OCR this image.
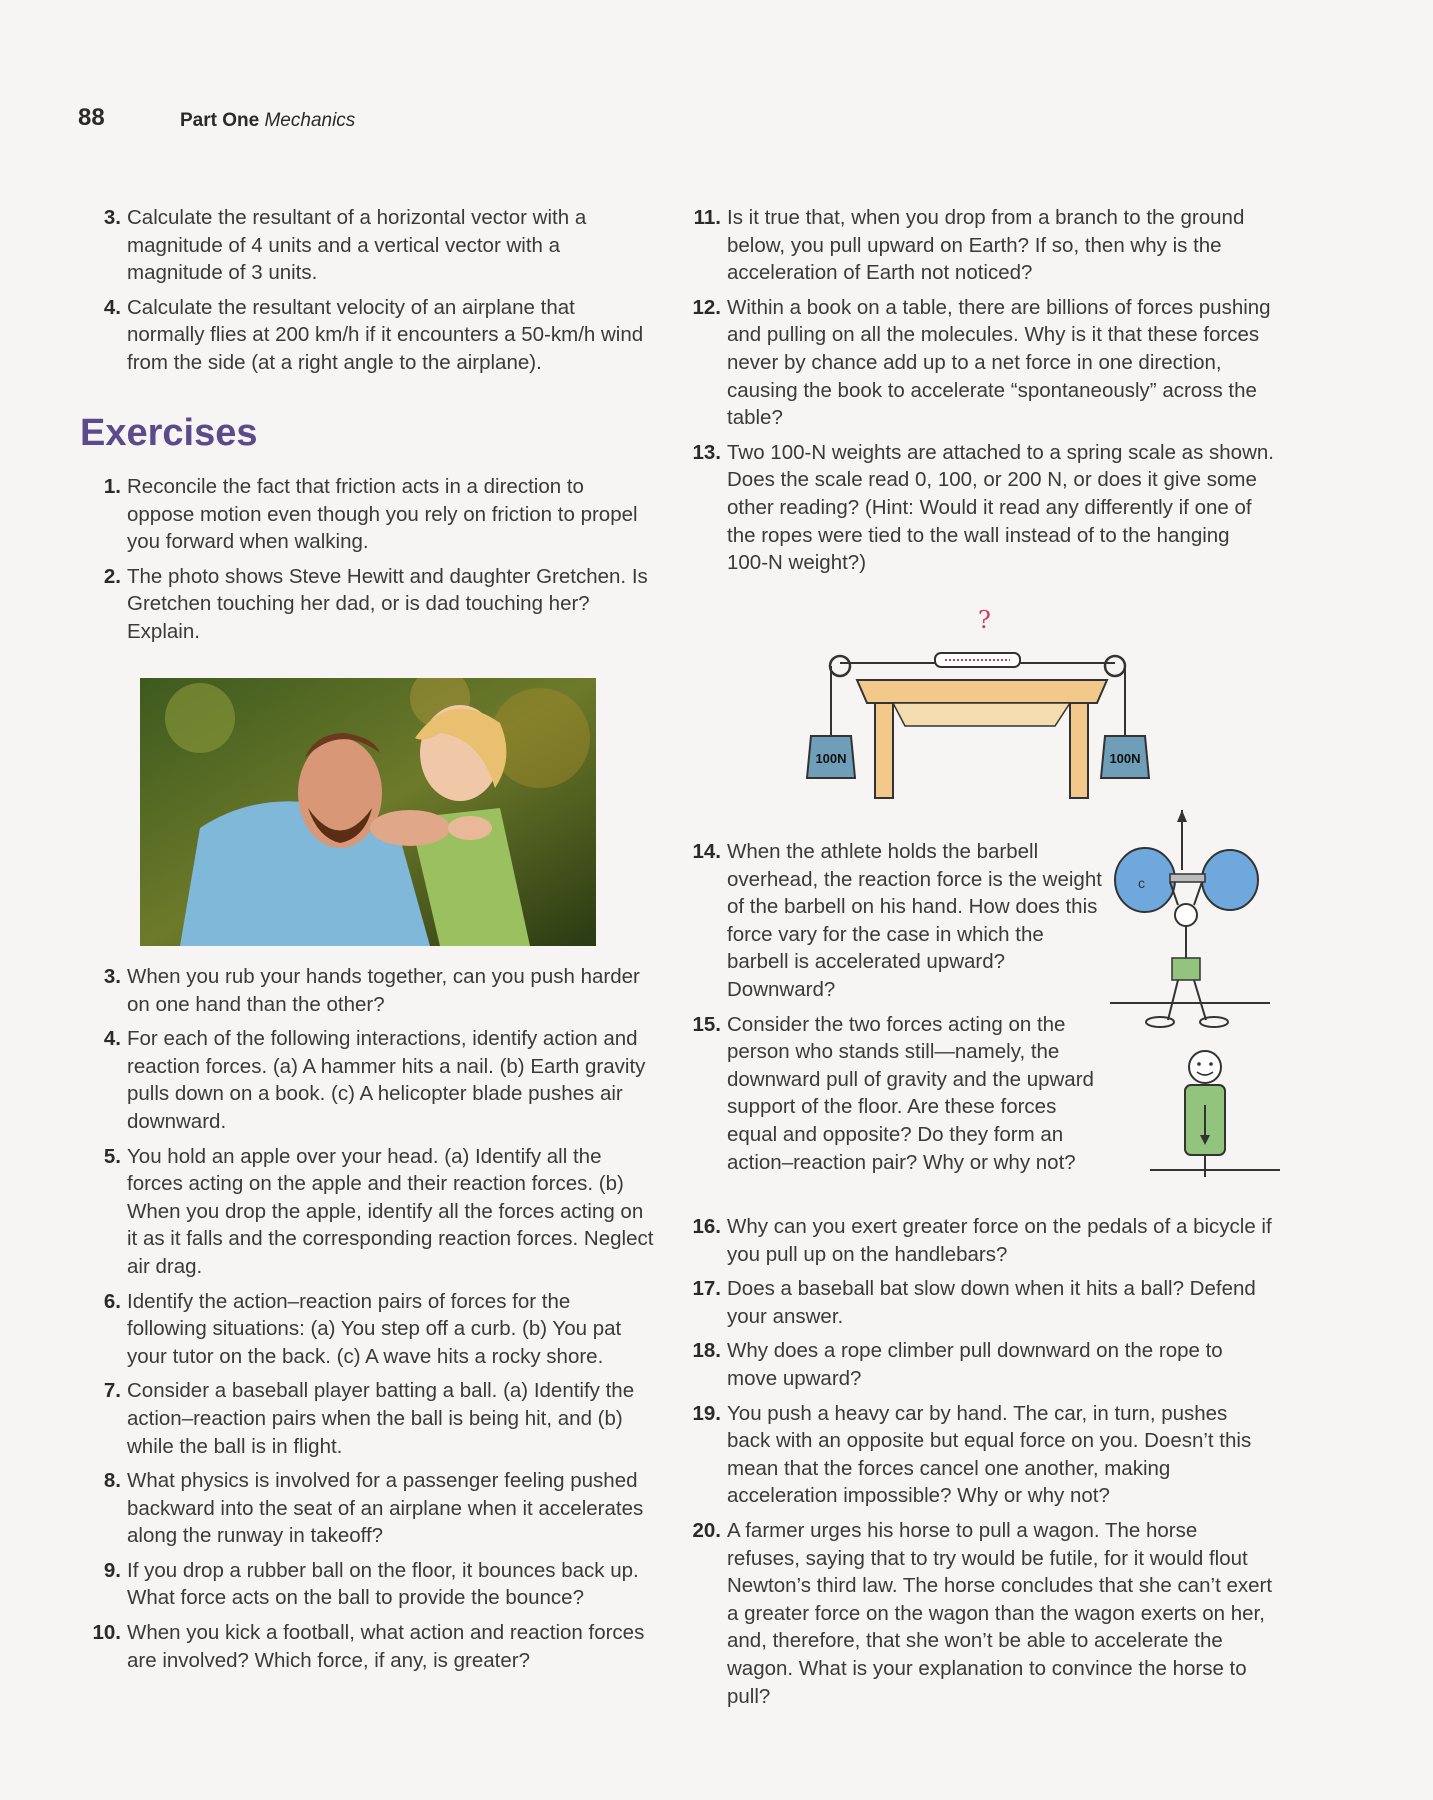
88	Part One Mechanics
3. Calculate the resultant of a horizontal vector with a magnitude of 4 units and a vertical vector with a magnitude of 3 units.
4. Calculate the resultant velocity of an airplane that normally flies at 200 km/h if it encounters a 50-km/h wind from the side (at a right angle to the airplane).
Exercises
1. Reconcile the fact that friction acts in a direction to oppose motion even though you rely on friction to propel you forward when walking.
2. The photo shows Steve Hewitt and daughter Gretchen. Is Gretchen touching her dad, or is dad touching her? Explain.
3. When you rub your hands together, can you push harder on one hand than the other?
4. For each of the following interactions, identify action and reaction forces. (a) A hammer hits a nail. (b) Earth gravity pulls down on a book. (c) A helicopter blade pushes air downward.
5. You hold an apple over your head. (a) Identify all the forces acting on the apple and their reaction forces. (b) When you drop the apple, identify all the forces acting on it as it falls and the corresponding reaction forces. Neglect air drag.
6. Identify the action–reaction pairs of forces for the following situations: (a) You step off a curb. (b) You pat your tutor on the back. (c) A wave hits a rocky shore.
7. Consider a baseball player batting a ball. (a) Identify the action–reaction pairs when the ball is being hit, and (b) while the ball is in flight.
8. What physics is involved for a passenger feeling pushed backward into the seat of an airplane when it accelerates along the runway in takeoff?
9. If you drop a rubber ball on the floor, it bounces back up. What force acts on the ball to provide the bounce?
10. When you kick a football, what action and reaction forces are involved? Which force, if any, is greater?
11. Is it true that, when you drop from a branch to the ground below, you pull upward on Earth? If so, then why is the acceleration of Earth not noticed?
12. Within a book on a table, there are billions of forces pushing and pulling on all the molecules. Why is it that these forces never by chance add up to a net force in one direction, causing the book to accelerate “spontaneously” across the table?
13. Two 100-N weights are attached to a spring scale as shown. Does the scale read 0, 100, or 200 N, or does it give some other reading? (Hint: Would it read any differently if one of the ropes were tied to the wall instead of to the hanging 100-N weight?)
?
100N	100N
14. When the athlete holds the barbell overhead, the reaction force is the weight of the barbell on his hand. How does this force vary for the case in which the barbell is accelerated upward? Downward?
15. Consider the two forces acting on the person who stands still—namely, the downward pull of gravity and the upward support of the floor. Are these forces equal and opposite? Do they form an action–reaction pair? Why or why not?
c
16. Why can you exert greater force on the pedals of a bicycle if you pull up on the handlebars?
17. Does a baseball bat slow down when it hits a ball? Defend your answer.
18. Why does a rope climber pull downward on the rope to move upward?
19. You push a heavy car by hand. The car, in turn, pushes back with an opposite but equal force on you. Doesn’t this mean that the forces cancel one another, making acceleration impossible? Why or why not?
20. A farmer urges his horse to pull a wagon. The horse refuses, saying that to try would be futile, for it would flout Newton’s third law. The horse concludes that she can’t exert a greater force on the wagon than the wagon exerts on her, and, therefore, that she won’t be able to accelerate the wagon. What is your explanation to convince the horse to pull?
